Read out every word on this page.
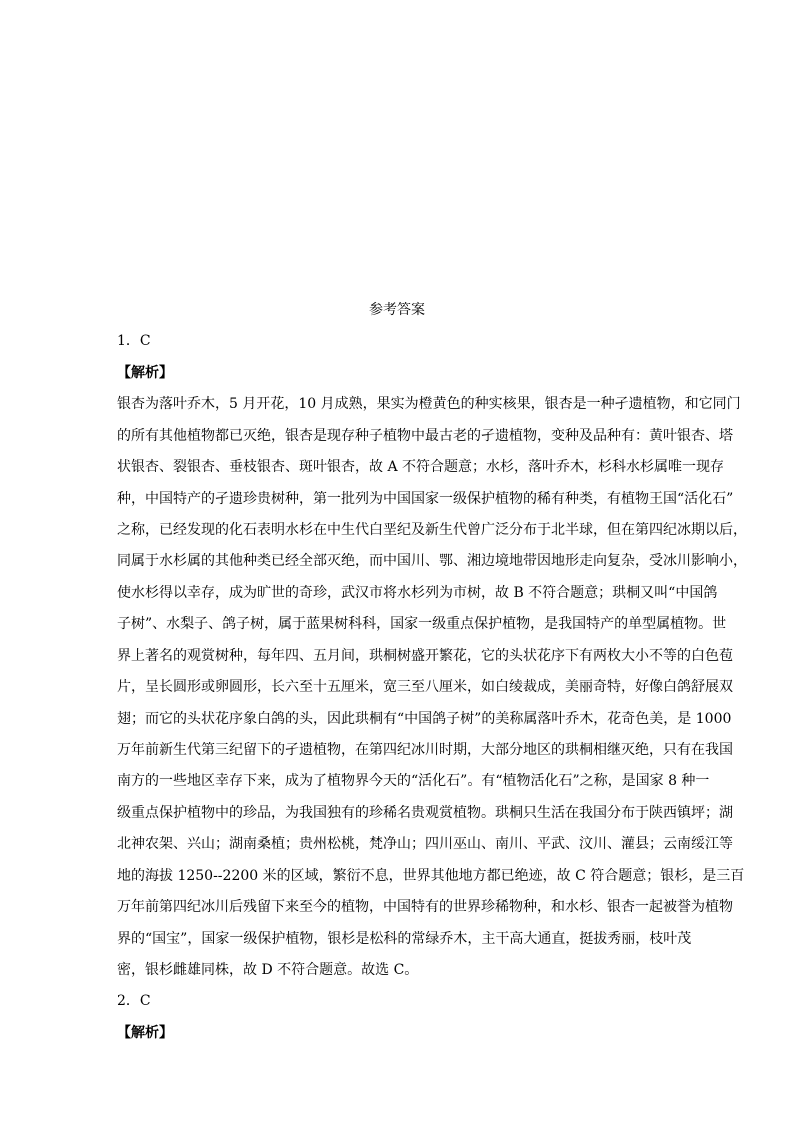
参考答案
1．C
【解析】
银杏为落叶乔木，5 月开花，10 月成熟，果实为橙黄色的种实核果，银杏是一种孑遗植物，和它同门
的所有其他植物都已灭绝，银杏是现存种子植物中最古老的孑遗植物，变种及品种有：黄叶银杏、塔
状银杏、裂银杏、垂枝银杏、斑叶银杏，故 A 不符合题意；水杉，落叶乔木，杉科水杉属唯一现存
种，中国特产的孑遗珍贵树种，第一批列为中国国家一级保护植物的稀有种类，有植物王国“活化石”
之称，已经发现的化石表明水杉在中生代白垩纪及新生代曾广泛分布于北半球，但在第四纪冰期以后，
同属于水杉属的其他种类已经全部灭绝，而中国川、鄂、湘边境地带因地形走向复杂，受冰川影响小，
使水杉得以幸存，成为旷世的奇珍，武汉市将水杉列为市树，故 B 不符合题意；珙桐又叫“中国鸽
子树”、水梨子、鸽子树，属于蓝果树科科，国家一级重点保护植物，是我国特产的单型属植物。世
界上著名的观赏树种，每年四、五月间，珙桐树盛开繁花，它的头状花序下有两枚大小不等的白色苞
片，呈长圆形或卵圆形，长六至十五厘米，宽三至八厘米，如白绫裁成，美丽奇特，好像白鸽舒展双
翅；而它的头状花序象白鸽的头，因此珙桐有“中国鸽子树”的美称属落叶乔木，花奇色美，是 1000
万年前新生代第三纪留下的孑遗植物，在第四纪冰川时期，大部分地区的珙桐相继灭绝，只有在我国
南方的一些地区幸存下来，成为了植物界今天的“活化石”。有“植物活化石”之称，是国家 8 种一
级重点保护植物中的珍品，为我国独有的珍稀名贵观赏植物。珙桐只生活在我国分布于陕西镇坪；湖
北神农架、兴山；湖南桑植；贵州松桃，梵净山；四川巫山、南川、平武、汶川、灌县；云南绥江等
地的海拔 1250--2200 米的区域，繁衍不息，世界其他地方都已绝迹，故 C 符合题意；银杉，是三百
万年前第四纪冰川后残留下来至今的植物，中国特有的世界珍稀物种，和水杉、银杏一起被誉为植物
界的“国宝”，国家一级保护植物，银杉是松科的常绿乔木，主干高大通直，挺拔秀丽，枝叶茂
密，银杉雌雄同株，故 D 不符合题意。故选 C。
2．C
【解析】
